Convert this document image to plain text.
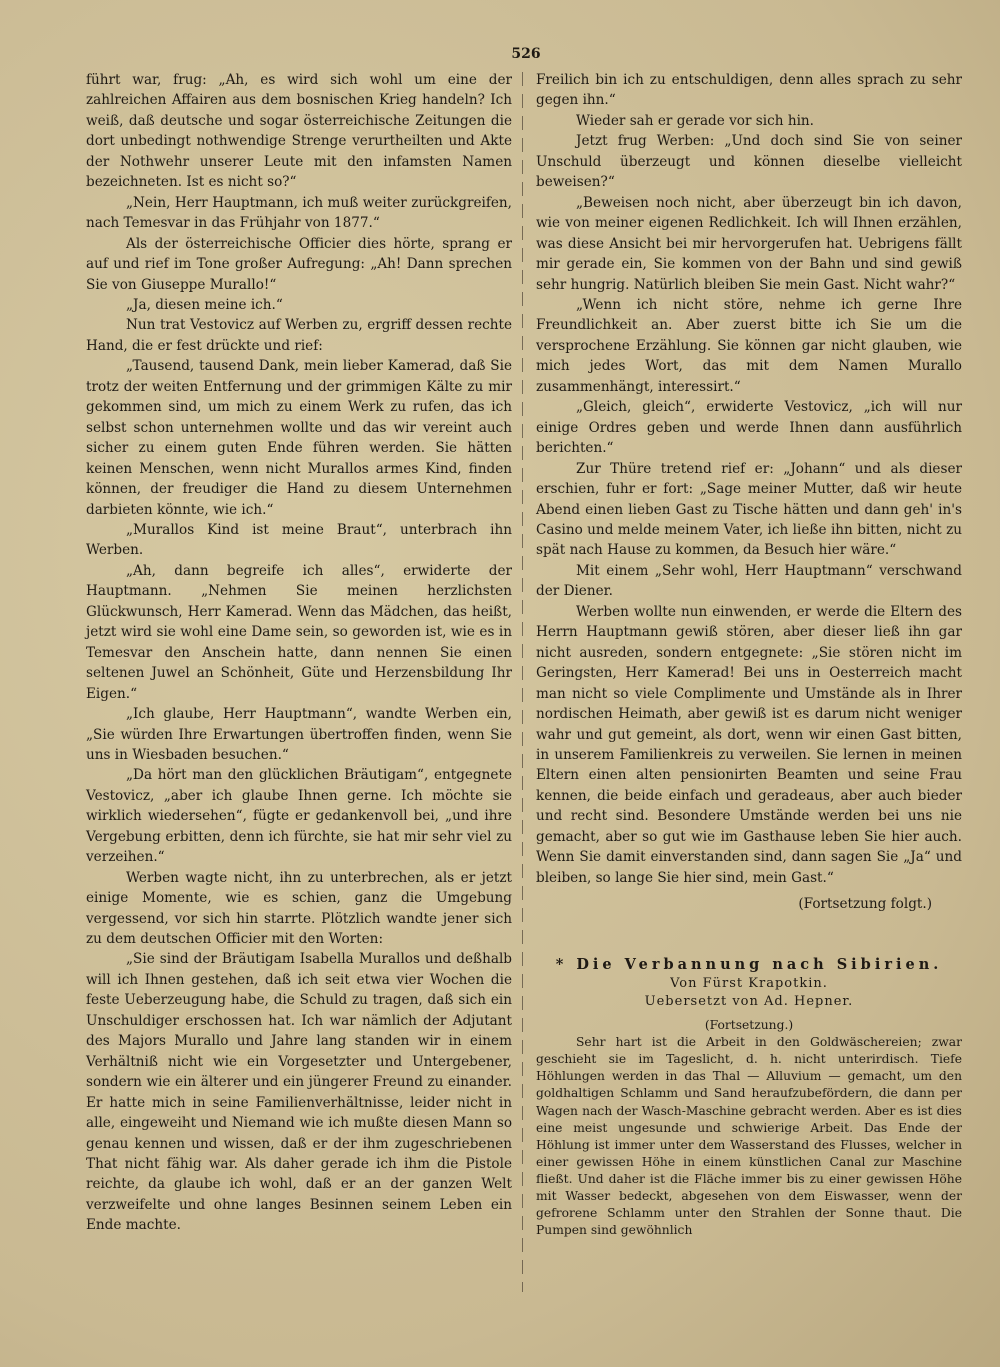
526

führt war, frug: „Ah, es wird sich wohl um eine der zahlreichen Affairen aus dem bosnischen Krieg handeln? Ich weiß, daß deutsche und sogar österreichische Zeitungen die dort unbedingt nothwendige Strenge verurtheilten und Akte der Nothwehr unserer Leute mit den infamsten Namen bezeichneten. Ist es nicht so?“

„Nein, Herr Hauptmann, ich muß weiter zurückgreifen, nach Temesvar in das Frühjahr von 1877.“

Als der österreichische Officier dies hörte, sprang er auf und rief im Tone großer Aufregung: „Ah! Dann sprechen Sie von Giuseppe Murallo!“

„Ja, diesen meine ich.“

Nun trat Vestovicz auf Werben zu, ergriff dessen rechte Hand, die er fest drückte und rief:

„Tausend, tausend Dank, mein lieber Kamerad, daß Sie trotz der weiten Entfernung und der grimmigen Kälte zu mir gekommen sind, um mich zu einem Werk zu rufen, das ich selbst schon unternehmen wollte und das wir vereint auch sicher zu einem guten Ende führen werden. Sie hätten keinen Menschen, wenn nicht Murallos armes Kind, finden können, der freudiger die Hand zu diesem Unternehmen darbieten könnte, wie ich.“

„Murallos Kind ist meine Braut“, unterbrach ihn Werben.

„Ah, dann begreife ich alles“, erwiderte der Hauptmann. „Nehmen Sie meinen herzlichsten Glückwunsch, Herr Kamerad. Wenn das Mädchen, das heißt, jetzt wird sie wohl eine Dame sein, so geworden ist, wie es in Temesvar den Anschein hatte, dann nennen Sie einen seltenen Juwel an Schönheit, Güte und Herzensbildung Ihr Eigen.“

„Ich glaube, Herr Hauptmann“, wandte Werben ein, „Sie würden Ihre Erwartungen übertroffen finden, wenn Sie uns in Wiesbaden besuchen.“

„Da hört man den glücklichen Bräutigam“, entgegnete Vestovicz, „aber ich glaube Ihnen gerne. Ich möchte sie wirklich wiedersehen“, fügte er gedankenvoll bei, „und ihre Vergebung erbitten, denn ich fürchte, sie hat mir sehr viel zu verzeihen.“

Werben wagte nicht, ihn zu unterbrechen, als er jetzt einige Momente, wie es schien, ganz die Umgebung vergessend, vor sich hin starrte. Plötzlich wandte jener sich zu dem deutschen Officier mit den Worten:

„Sie sind der Bräutigam Isabella Murallos und deßhalb will ich Ihnen gestehen, daß ich seit etwa vier Wochen die feste Ueberzeugung habe, die Schuld zu tragen, daß sich ein Unschuldiger erschossen hat. Ich war nämlich der Adjutant des Majors Murallo und Jahre lang standen wir in einem Verhältniß nicht wie ein Vorgesetzter und Untergebener, sondern wie ein älterer und ein jüngerer Freund zu einander. Er hatte mich in seine Familienverhältnisse, leider nicht in alle, eingeweiht und Niemand wie ich mußte diesen Mann so genau kennen und wissen, daß er der ihm zugeschriebenen That nicht fähig war. Als daher gerade ich ihm die Pistole reichte, da glaube ich wohl, daß er an der ganzen Welt verzweifelte und ohne langes Besinnen seinem Leben ein Ende machte.

Freilich bin ich zu entschuldigen, denn alles sprach zu sehr gegen ihn.“

Wieder sah er gerade vor sich hin.

Jetzt frug Werben: „Und doch sind Sie von seiner Unschuld überzeugt und können dieselbe vielleicht beweisen?“

„Beweisen noch nicht, aber überzeugt bin ich davon, wie von meiner eigenen Redlichkeit. Ich will Ihnen erzählen, was diese Ansicht bei mir hervorgerufen hat. Uebrigens fällt mir gerade ein, Sie kommen von der Bahn und sind gewiß sehr hungrig. Natürlich bleiben Sie mein Gast. Nicht wahr?“

„Wenn ich nicht störe, nehme ich gerne Ihre Freundlichkeit an. Aber zuerst bitte ich Sie um die versprochene Erzählung. Sie können gar nicht glauben, wie mich jedes Wort, das mit dem Namen Murallo zusammenhängt, interessirt.“

„Gleich, gleich“, erwiderte Vestovicz, „ich will nur einige Ordres geben und werde Ihnen dann ausführlich berichten.“

Zur Thüre tretend rief er: „Johann“ und als dieser erschien, fuhr er fort: „Sage meiner Mutter, daß wir heute Abend einen lieben Gast zu Tische hätten und dann geh' in's Casino und melde meinem Vater, ich ließe ihn bitten, nicht zu spät nach Hause zu kommen, da Besuch hier wäre.“

Mit einem „Sehr wohl, Herr Hauptmann“ verschwand der Diener.

Werben wollte nun einwenden, er werde die Eltern des Herrn Hauptmann gewiß stören, aber dieser ließ ihn gar nicht ausreden, sondern entgegnete: „Sie stören nicht im Geringsten, Herr Kamerad! Bei uns in Oesterreich macht man nicht so viele Complimente und Umstände als in Ihrer nordischen Heimath, aber gewiß ist es darum nicht weniger wahr und gut gemeint, als dort, wenn wir einen Gast bitten, in unserem Familienkreis zu verweilen. Sie lernen in meinen Eltern einen alten pensionirten Beamten und seine Frau kennen, die beide einfach und geradeaus, aber auch bieder und recht sind. Besondere Umstände werden bei uns nie gemacht, aber so gut wie im Gasthause leben Sie hier auch. Wenn Sie damit einverstanden sind, dann sagen Sie „Ja“ und bleiben, so lange Sie hier sind, mein Gast.“

(Fortsetzung folgt.)

* Die Verbannung nach Sibirien.

Von Fürst Krapotkin.

Uebersetzt von Ad. Hepner.

(Fortsetzung.)

Sehr hart ist die Arbeit in den Goldwäschereien; zwar geschieht sie im Tageslicht, d. h. nicht unterirdisch. Tiefe Höhlungen werden in das Thal — Alluvium — gemacht, um den goldhaltigen Schlamm und Sand heraufzubefördern, die dann per Wagen nach der Wasch-Maschine gebracht werden. Aber es ist dies eine meist ungesunde und schwierige Arbeit. Das Ende der Höhlung ist immer unter dem Wasserstand des Flusses, welcher in einer gewissen Höhe in einem künstlichen Canal zur Maschine fließt. Und daher ist die Fläche immer bis zu einer gewissen Höhe mit Wasser bedeckt, abgesehen von dem Eiswasser, wenn der gefrorene Schlamm unter den Strahlen der Sonne thaut. Die Pumpen sind gewöhnlich
